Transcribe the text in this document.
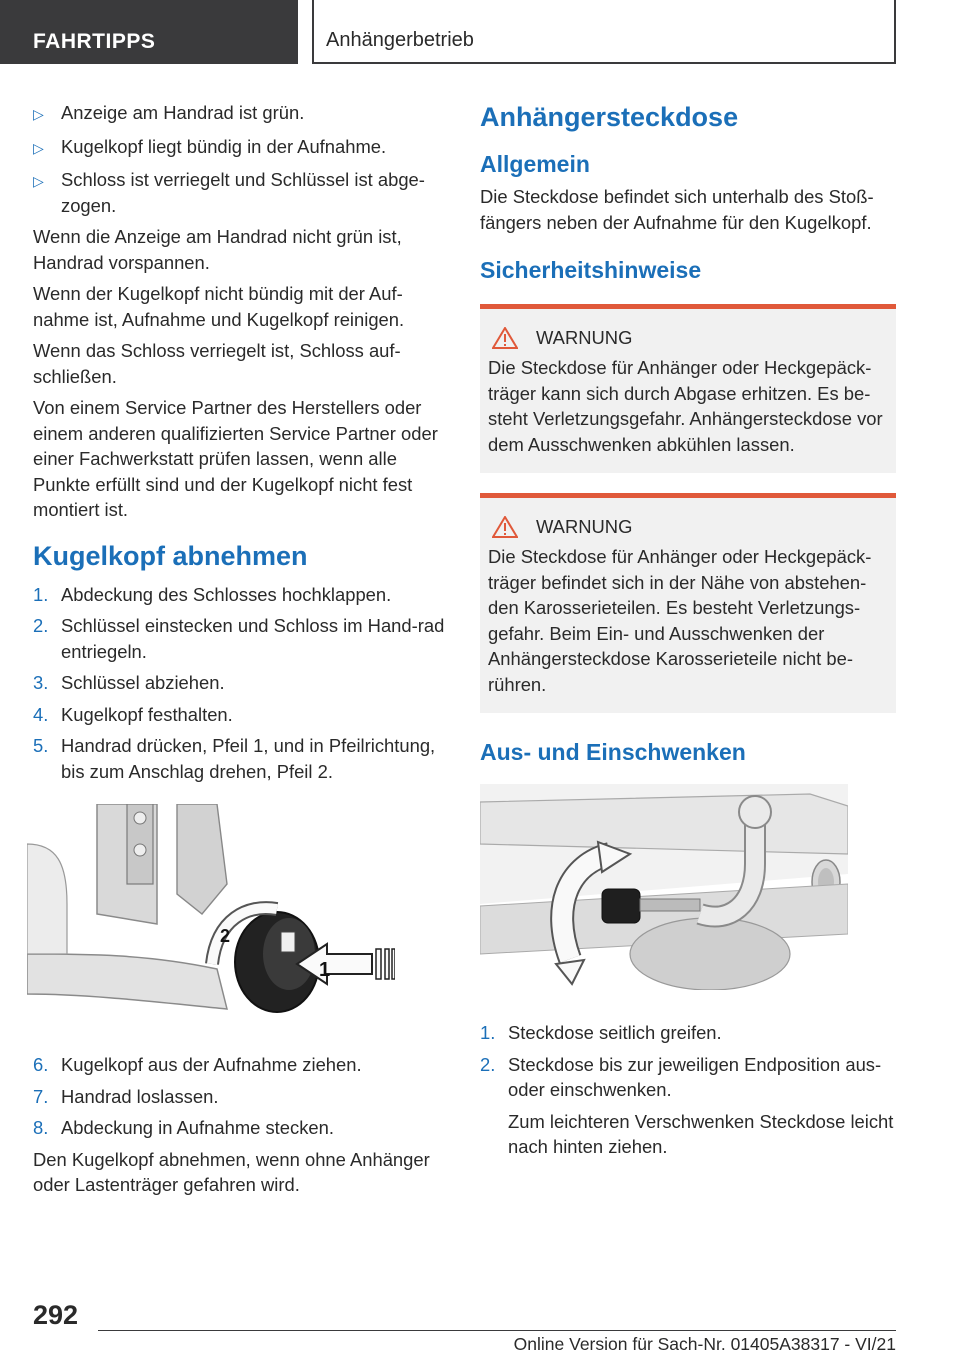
FAHRTIPPS	Anhängerbetrieb
▷ Anzeige am Handrad ist grün.
▷ Kugelkopf liegt bündig in der Aufnahme.
▷ Schloss ist verriegelt und Schlüssel ist abge-zogen.

Wenn die Anzeige am Handrad nicht grün ist, Handrad vorspannen.

Wenn der Kugelkopf nicht bündig mit der Auf-nahme ist, Aufnahme und Kugelkopf reinigen.

Wenn das Schloss verriegelt ist, Schloss auf-schließen.

Von einem Service Partner des Herstellers oder einem anderen qualifizierten Service Partner oder einer Fachwerkstatt prüfen lassen, wenn alle Punkte erfüllt sind und der Kugelkopf nicht fest montiert ist.

Kugelkopf abnehmen
1. Abdeckung des Schlosses hochklappen.
2. Schlüssel einstecken und Schloss im Hand-rad entriegeln.
3. Schlüssel abziehen.
4. Kugelkopf festhalten.
5. Handrad drücken, Pfeil 1, und in Pfeilrichtung, bis zum Anschlag drehen, Pfeil 2.
2
1
6. Kugelkopf aus der Aufnahme ziehen.
7. Handrad loslassen.
8. Abdeckung in Aufnahme stecken.

Den Kugelkopf abnehmen, wenn ohne Anhänger oder Lastenträger gefahren wird.

Anhängersteckdose
Allgemein

Die Steckdose befindet sich unterhalb des Stoß-fängers neben der Aufnahme für den Kugelkopf.

Sicherheitshinweise
WARNUNG
Die Steckdose für Anhänger oder Heckgepäck-träger kann sich durch Abgase erhitzen. Es be-steht Verletzungsgefahr. Anhängersteckdose vor dem Ausschwenken abkühlen lassen.
WARNUNG
Die Steckdose für Anhänger oder Heckgepäck-träger befindet sich in der Nähe von abstehen-den Karosserieteilen. Es besteht Verletzungs-gefahr. Beim Ein- und Ausschwenken der Anhängersteckdose Karosserieteile nicht be-rühren.
Aus- und Einschwenken
1. Steckdose seitlich greifen.
2. Steckdose bis zur jeweiligen Endposition aus- oder einschwenken.
Zum leichteren Verschwenken Steckdose leicht nach hinten ziehen.
292
Online Version für Sach-Nr. 01405A38317 - VI/21
